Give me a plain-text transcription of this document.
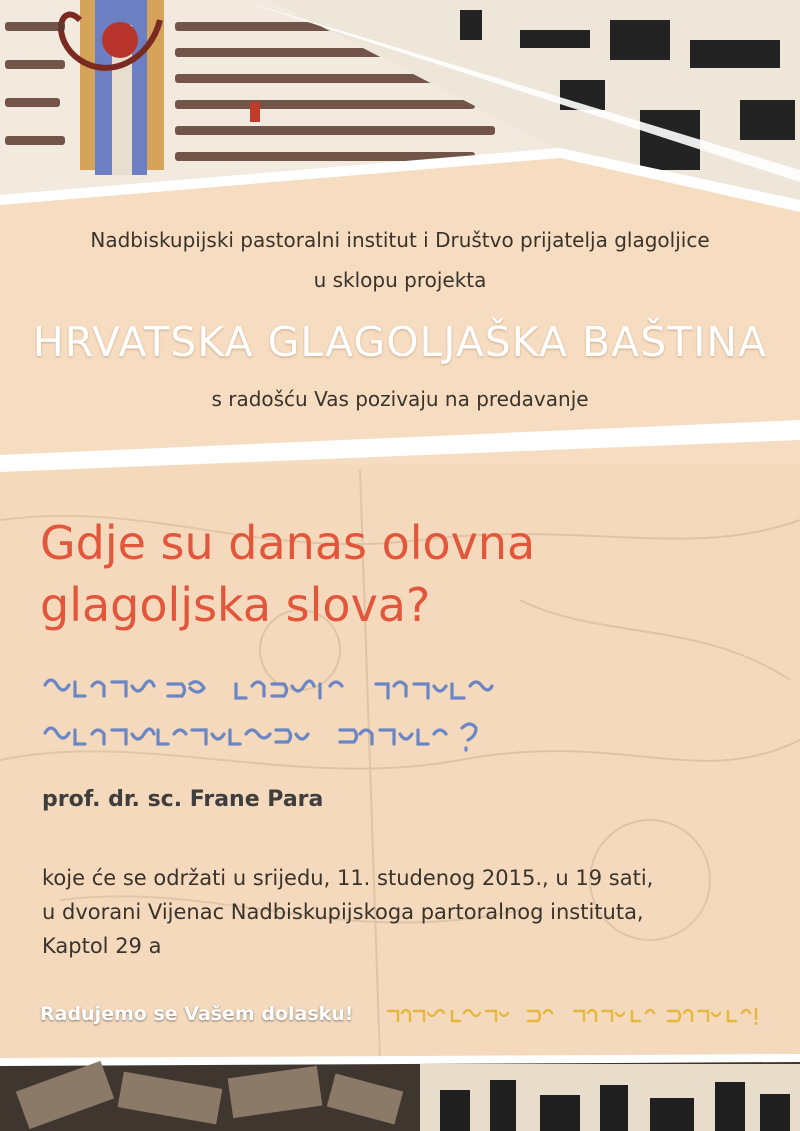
Nadbiskupijski pastoralni institut i Društvo prijatelja glagoljice

u sklopu projekta

HRVATSKA GLAGOLJAŠKA BAŠTINA

s radošću Vas pozivaju na predavanje

Gdje su danas olovna
glagoljska slova?

prof. dr. sc. Frane Para

koje će se održati u srijedu, 11. studenog 2015., u 19 sati,

u dvorani Vijenac Nadbiskupijskoga partoralnog instituta,

Kaptol 29 a

Radujemo se Vašem dolasku!
